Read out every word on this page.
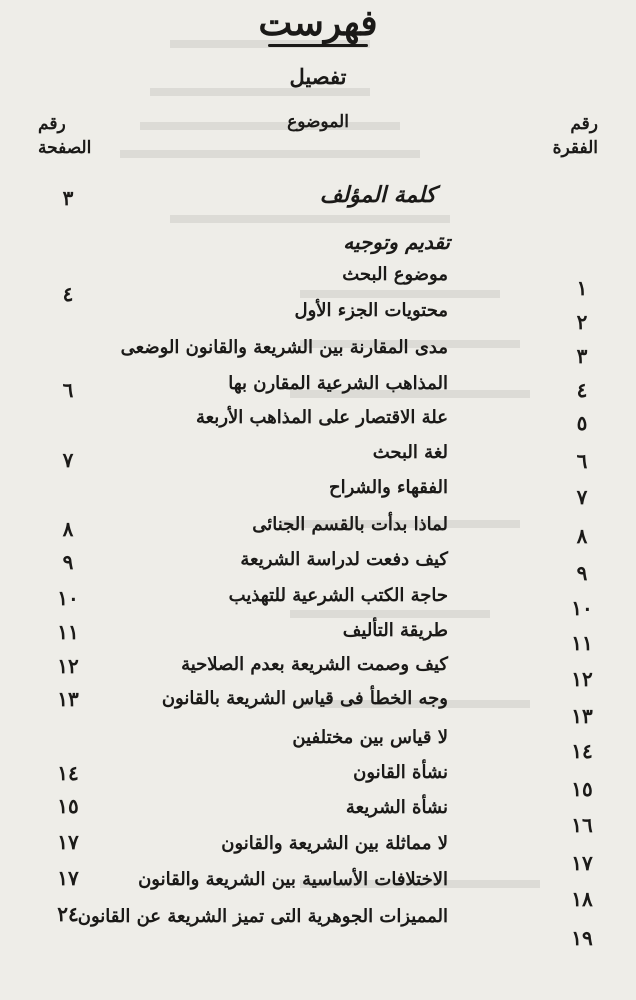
فهرست
تفصيل
رقم
الفقرة
الموضوع
رقم
الصفحة
كلمة المؤلف
٣
تقديم وتوجيه
١
موضوع البحث
٢
محتويات الجزء الأول
٤
٣
مدى المقارنة بين الشريعة والقانون الوضعى
٤
المذاهب الشرعية المقارن بها
٦
٥
علة الاقتصار على المذاهب الأربعة
٦
لغة البحث
٧
٧
الفقهاء والشراح
٨
لماذا بدأت بالقسم الجنائى
٨
٩
كيف دفعت لدراسة الشريعة
٩
١٠
حاجة الكتب الشرعية للتهذيب
١٠
١١
طريقة التأليف
١١
١٢
كيف وصمت الشريعة بعدم الصلاحية
١٢
١٣
وجه الخطأ فى قياس الشريعة بالقانون
١٣
١٤
لا قياس بين مختلفين
١٥
نشأة القانون
١٤
١٦
نشأة الشريعة
١٥
١٧
لا مماثلة بين الشريعة والقانون
١٧
١٨
الاختلافات الأساسية بين الشريعة والقانون
١٧
١٩
المميزات الجوهرية التى تميز الشريعة عن القانون
٢٤
